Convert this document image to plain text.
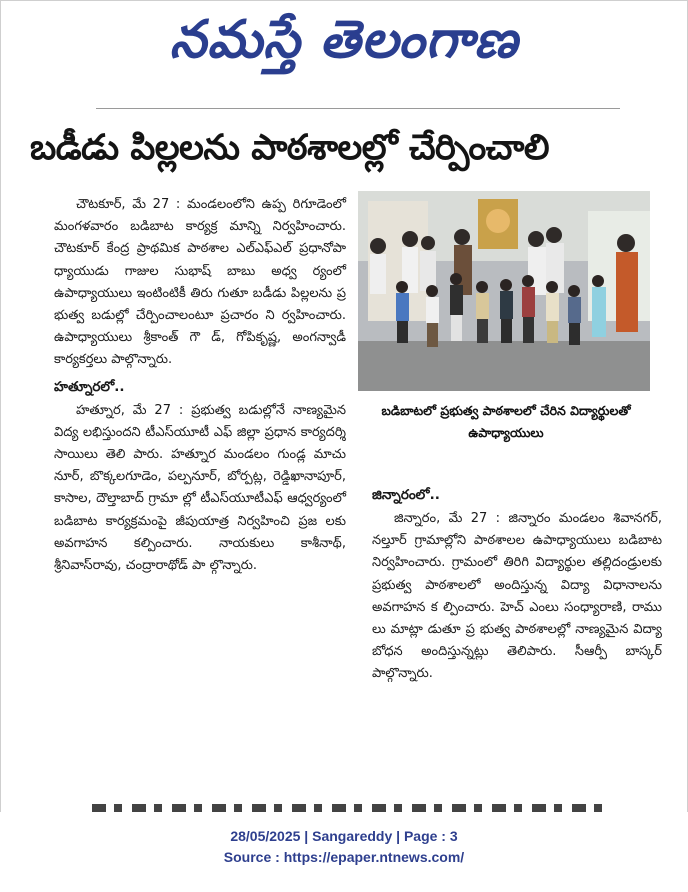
నమస్తే తెలంగాణ
బడీడు పిల్లలను పాఠశాలల్లో చేర్పించాలి

చౌటకూర్, మే 27 : మండలంలోని ఉప్ప రిగూడెంలో మంగళవారం బడిబాట కార్యక్ర మాన్ని నిర్వహించారు. చౌటకూర్ కేంద్ర ప్రాథమిక పాఠశాల ఎల్ఎఫ్ఎల్ ప్రధానోపా ధ్యాయుడు గాజుల సుభాష్ బాబు అధ్వ ర్యంలో ఉపాధ్యాయులు ఇంటింటికీ తిరు గుతూ బడీడు పిల్లలను ప్ర భుత్వ బడుల్లో చేర్పించాలంటూ ప్రచారం ని ర్వహించారు. ఉపాధ్యాయులు శ్రీకాంత్ గౌ డ్, గోపికృష్ణ, అంగన్వాడీ కార్యకర్తలు పాల్గొన్నారు.

హత్నూరలో..

హత్నూర, మే 27 : ప్రభుత్వ బడుల్లోనే నాణ్యమైన విద్య లభిస్తుందని టీఎస్‌యూటీ ఎఫ్ జిల్లా ప్రధాన కార్యదర్శి సాయిలు తెలి పారు. హత్నూర మండలం గుండ్ల మాచు నూర్, బొక్కలగూడెం, పల్పనూర్, బోర్పట్ల, రెడ్డిఖానాపూర్, కాసాల, దౌల్తాబాద్ గ్రామా ల్లో టీఎస్‌యూటీఎఫ్ ఆధ్వర్యంలో బడిబాట కార్యక్రమంపై జీపుయాత్ర నిర్వహించి ప్రజ లకు అవగాహన కల్పించారు. నాయకులు కాశీనాథ్, శ్రీనివాస్‌రావు, చంద్రారాథోడ్ పా ల్గొన్నారు.

బడిబాటలో ప్రభుత్వ పాఠశాలలో చేరిన విద్యార్థులతో ఉపాధ్యాయులు
జిన్నారంలో..

జిన్నారం, మే 27 : జిన్నారం మండలం శివానగర్, నల్తూర్ గ్రామాల్లోని పాఠశాలల ఉపాధ్యాయులు బడిబాట నిర్వహించారు. గ్రామంలో తిరిగి విద్యార్థుల తల్లిదండ్రులకు ప్రభుత్వ పాఠశాలలో అందిస్తున్న విద్యా విధానాలను అవగాహన క ల్పించారు. హెచ్ ఎంలు సంధ్యారాణి, రాము లు మాట్లా డుతూ ప్ర భుత్వ పాఠశాలల్లో నాణ్యమైన విద్యా బోధన అందిస్తున్నట్లు తెలిపారు. సీఆర్పీ బాస్కర్ పాల్గొన్నారు.

28/05/2025 | Sangareddy | Page : 3
Source : https://epaper.ntnews.com/
